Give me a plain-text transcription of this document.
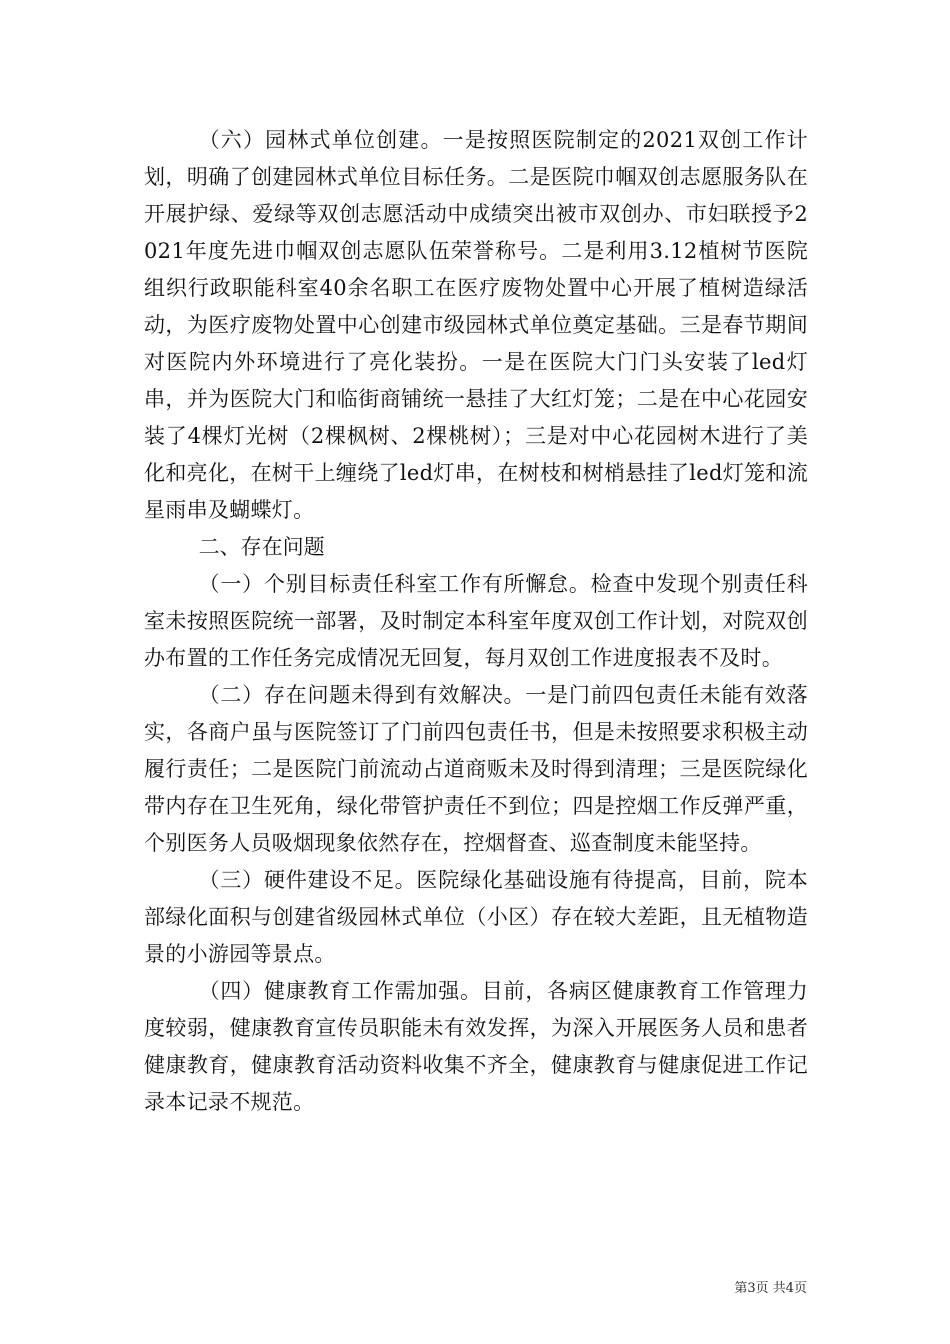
（六）园林式单位创建。一是按照医院制定的2021双创工作计划，明确了创建园林式单位目标任务。二是医院巾帼双创志愿服务队在开展护绿、爱绿等双创志愿活动中成绩突出被市双创办、市妇联授予2021年度先进巾帼双创志愿队伍荣誉称号。二是利用3.12植树节医院组织行政职能科室40余名职工在医疗废物处置中心开展了植树造绿活动，为医疗废物处置中心创建市级园林式单位奠定基础。三是春节期间对医院内外环境进行了亮化装扮。一是在医院大门门头安装了led灯串，并为医院大门和临街商铺统一悬挂了大红灯笼；二是在中心花园安装了4棵灯光树（2棵枫树、2棵桃树）；三是对中心花园树木进行了美化和亮化，在树干上缠绕了led灯串，在树枝和树梢悬挂了led灯笼和流星雨串及蝴蝶灯。

二、存在问题

（一）个别目标责任科室工作有所懈怠。检查中发现个别责任科室未按照医院统一部署，及时制定本科室年度双创工作计划，对院双创办布置的工作任务完成情况无回复，每月双创工作进度报表不及时。

（二）存在问题未得到有效解决。一是门前四包责任未能有效落实，各商户虽与医院签订了门前四包责任书，但是未按照要求积极主动履行责任；二是医院门前流动占道商贩未及时得到清理；三是医院绿化带内存在卫生死角，绿化带管护责任不到位；四是控烟工作反弹严重，个别医务人员吸烟现象依然存在，控烟督查、巡查制度未能坚持。

（三）硬件建设不足。医院绿化基础设施有待提高，目前，院本部绿化面积与创建省级园林式单位（小区）存在较大差距，且无植物造景的小游园等景点。

（四）健康教育工作需加强。目前，各病区健康教育工作管理力度较弱，健康教育宣传员职能未有效发挥，为深入开展医务人员和患者健康教育，健康教育活动资料收集不齐全，健康教育与健康促进工作记录本记录不规范。

第3页 共4页
